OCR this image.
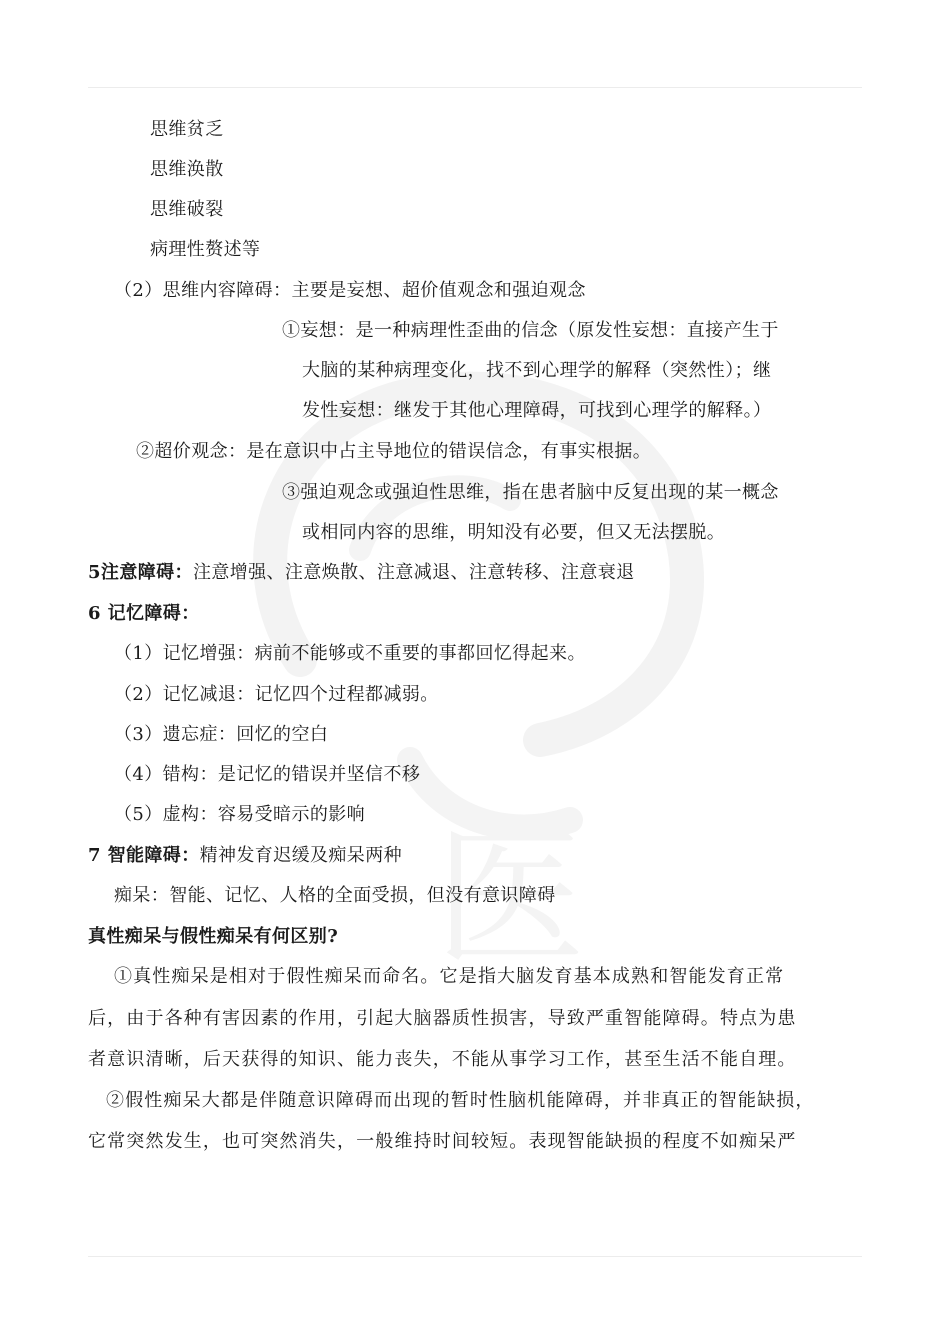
医
思维贫乏
思维涣散
思维破裂
病理性赘述等
（2）思维内容障碍：主要是妄想、超价值观念和强迫观念
①妄想：是一种病理性歪曲的信念（原发性妄想：直接产生于
大脑的某种病理变化，找不到心理学的解释（突然性）；继
发性妄想：继发于其他心理障碍，可找到心理学的解释。）
②超价观念：是在意识中占主导地位的错误信念，有事实根据。
③强迫观念或强迫性思维，指在患者脑中反复出现的某一概念
或相同内容的思维，明知没有必要，但又无法摆脱。
5注意障碍：注意增强、注意焕散、注意减退、注意转移、注意衰退
6 记忆障碍：
（1）记忆增强：病前不能够或不重要的事都回忆得起来。
（2）记忆减退：记忆四个过程都减弱。
（3）遗忘症：回忆的空白
（4）错构：是记忆的错误并坚信不移
（5）虚构：容易受暗示的影响
7 智能障碍：精神发育迟缓及痴呆两种
痴呆：智能、记忆、人格的全面受损，但没有意识障碍
真性痴呆与假性痴呆有何区别?
①真性痴呆是相对于假性痴呆而命名。它是指大脑发育基本成熟和智能发育正常
后，由于各种有害因素的作用，引起大脑器质性损害，导致严重智能障碍。特点为患
者意识清晰，后天获得的知识、能力丧失，不能从事学习工作，甚至生活不能自理。
②假性痴呆大都是伴随意识障碍而出现的暂时性脑机能障碍，并非真正的智能缺损，
它常突然发生，也可突然消失，一般维持时间较短。表现智能缺损的程度不如痴呆严
